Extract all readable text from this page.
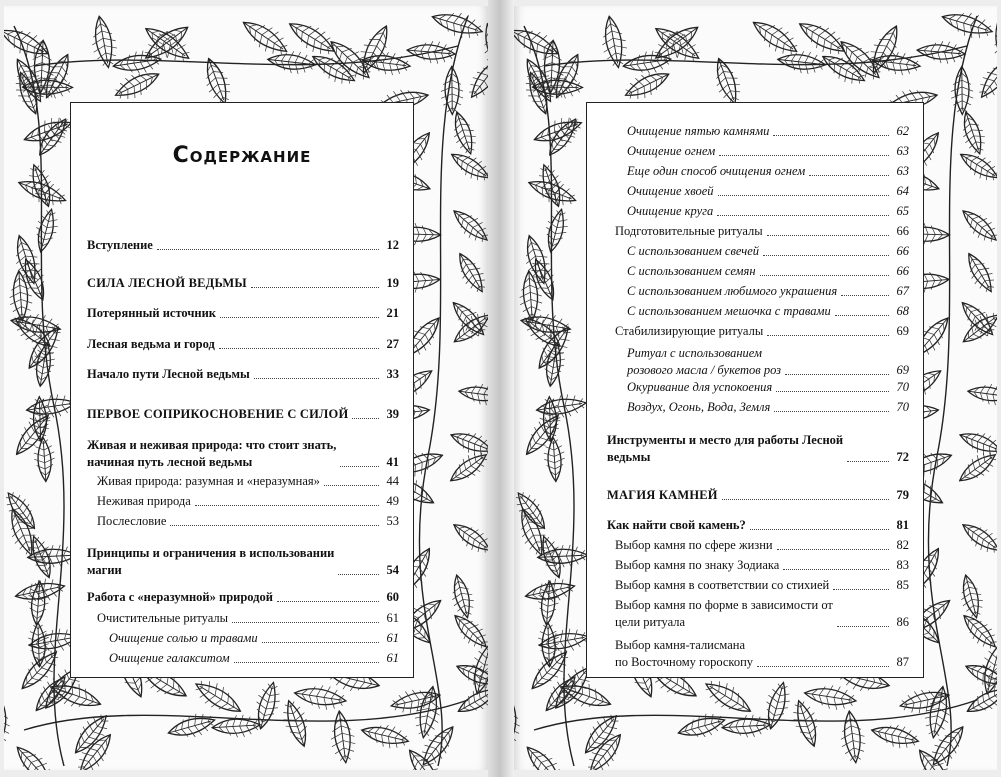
Содержание
Вступление	12
СИЛА ЛЕСНОЙ ВЕДЬМЫ	19
Потерянный источник	21
Лесная ведьма и город	27
Начало пути Лесной ведьмы	33
ПЕРВОЕ СОПРИКОСНОВЕНИЕ С СИЛОЙ	39
Живая и неживая природа: что стоит знать,
начиная путь лесной ведьмы	41
Живая природа: разумная и «неразумная»	44
Неживая природа	49
Послесловие	53
Принципы и ограничения в использовании
магии	54
Работа с «неразумной» природой	60
Очистительные ритуалы	61
Очищение солью и травами	61
Очищение галакситом	61
Очищение пятью камнями	62
Очищение огнем	63
Еще один способ очищения огнем	63
Очищение хвоей	64
Очищение круга	65
Подготовительные ритуалы	66
С использованием свечей	66
С использованием семян	66
С использованием любимого украшения	67
С использованием мешочка с травами	68
Стабилизирующие ритуалы	69
Ритуал с использованием
розового масла / букетов роз	69
Окуривание для успокоения	70
Воздух, Огонь, Вода, Земля	70
Инструменты и место для работы Лесной
ведьмы	72
МАГИЯ КАМНЕЙ	79
Как найти свой камень?	81
Выбор камня по сфере жизни	82
Выбор камня по знаку Зодиака	83
Выбор камня в соответствии со стихией	85
Выбор камня по форме в зависимости от
цели ритуала	86
Выбор камня-талисмана
по Восточному гороскопу	87
